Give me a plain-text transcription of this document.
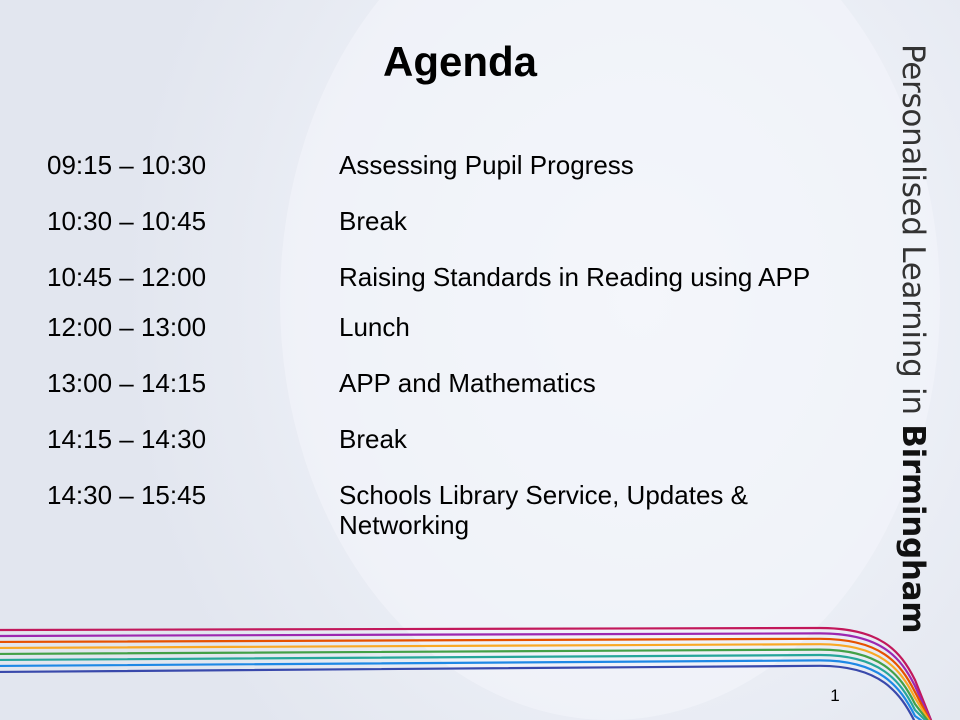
Agenda
09:15 – 10:30	Assessing Pupil Progress
10:30 – 10:45	Break
10:45 – 12:00	Raising Standards in Reading using APP
12:00 – 13:00	Lunch
13:00 – 14:15	APP and Mathematics
14:15 – 14:30	Break
14:30 – 15:45	Schools Library Service, Updates & Networking
Personalised Learning in Birmingham
1
